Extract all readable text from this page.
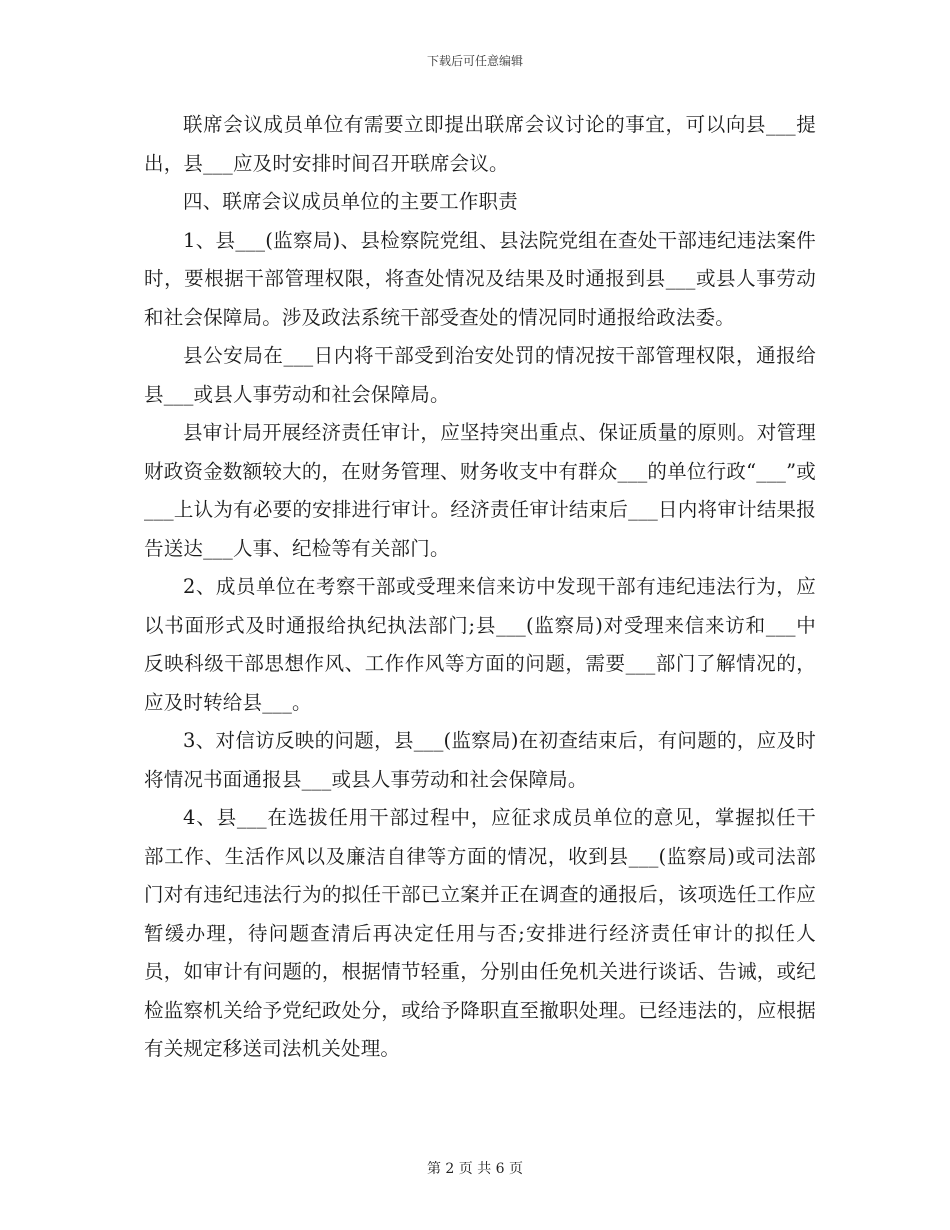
下载后可任意编辑

联席会议成员单位有需要立即提出联席会议讨论的事宜，可以向县___提出，县___应及时安排时间召开联席会议。

四、联席会议成员单位的主要工作职责

1、县___(监察局)、县检察院党组、县法院党组在查处干部违纪违法案件时，要根据干部管理权限，将查处情况及结果及时通报到县___或县人事劳动和社会保障局。涉及政法系统干部受查处的情况同时通报给政法委。

县公安局在___日内将干部受到治安处罚的情况按干部管理权限，通报给县___或县人事劳动和社会保障局。

县审计局开展经济责任审计，应坚持突出重点、保证质量的原则。对管理财政资金数额较大的，在财务管理、财务收支中有群众___的单位行政“___”或___上认为有必要的安排进行审计。经济责任审计结束后___日内将审计结果报告送达___人事、纪检等有关部门。

2、成员单位在考察干部或受理来信来访中发现干部有违纪违法行为，应以书面形式及时通报给执纪执法部门;县___(监察局)对受理来信来访和___中反映科级干部思想作风、工作作风等方面的问题，需要___部门了解情况的，应及时转给县___。

3、对信访反映的问题，县___(监察局)在初查结束后，有问题的，应及时将情况书面通报县___或县人事劳动和社会保障局。

4、县___在选拔任用干部过程中，应征求成员单位的意见，掌握拟任干部工作、生活作风以及廉洁自律等方面的情况，收到县___(监察局)或司法部门对有违纪违法行为的拟任干部已立案并正在调查的通报后，该项选任工作应暂缓办理，待问题查清后再决定任用与否;安排进行经济责任审计的拟任人员，如审计有问题的，根据情节轻重，分别由任免机关进行谈话、告诫，或纪检监察机关给予党纪政处分，或给予降职直至撤职处理。已经违法的，应根据有关规定移送司法机关处理。

第 2 页 共 6 页
